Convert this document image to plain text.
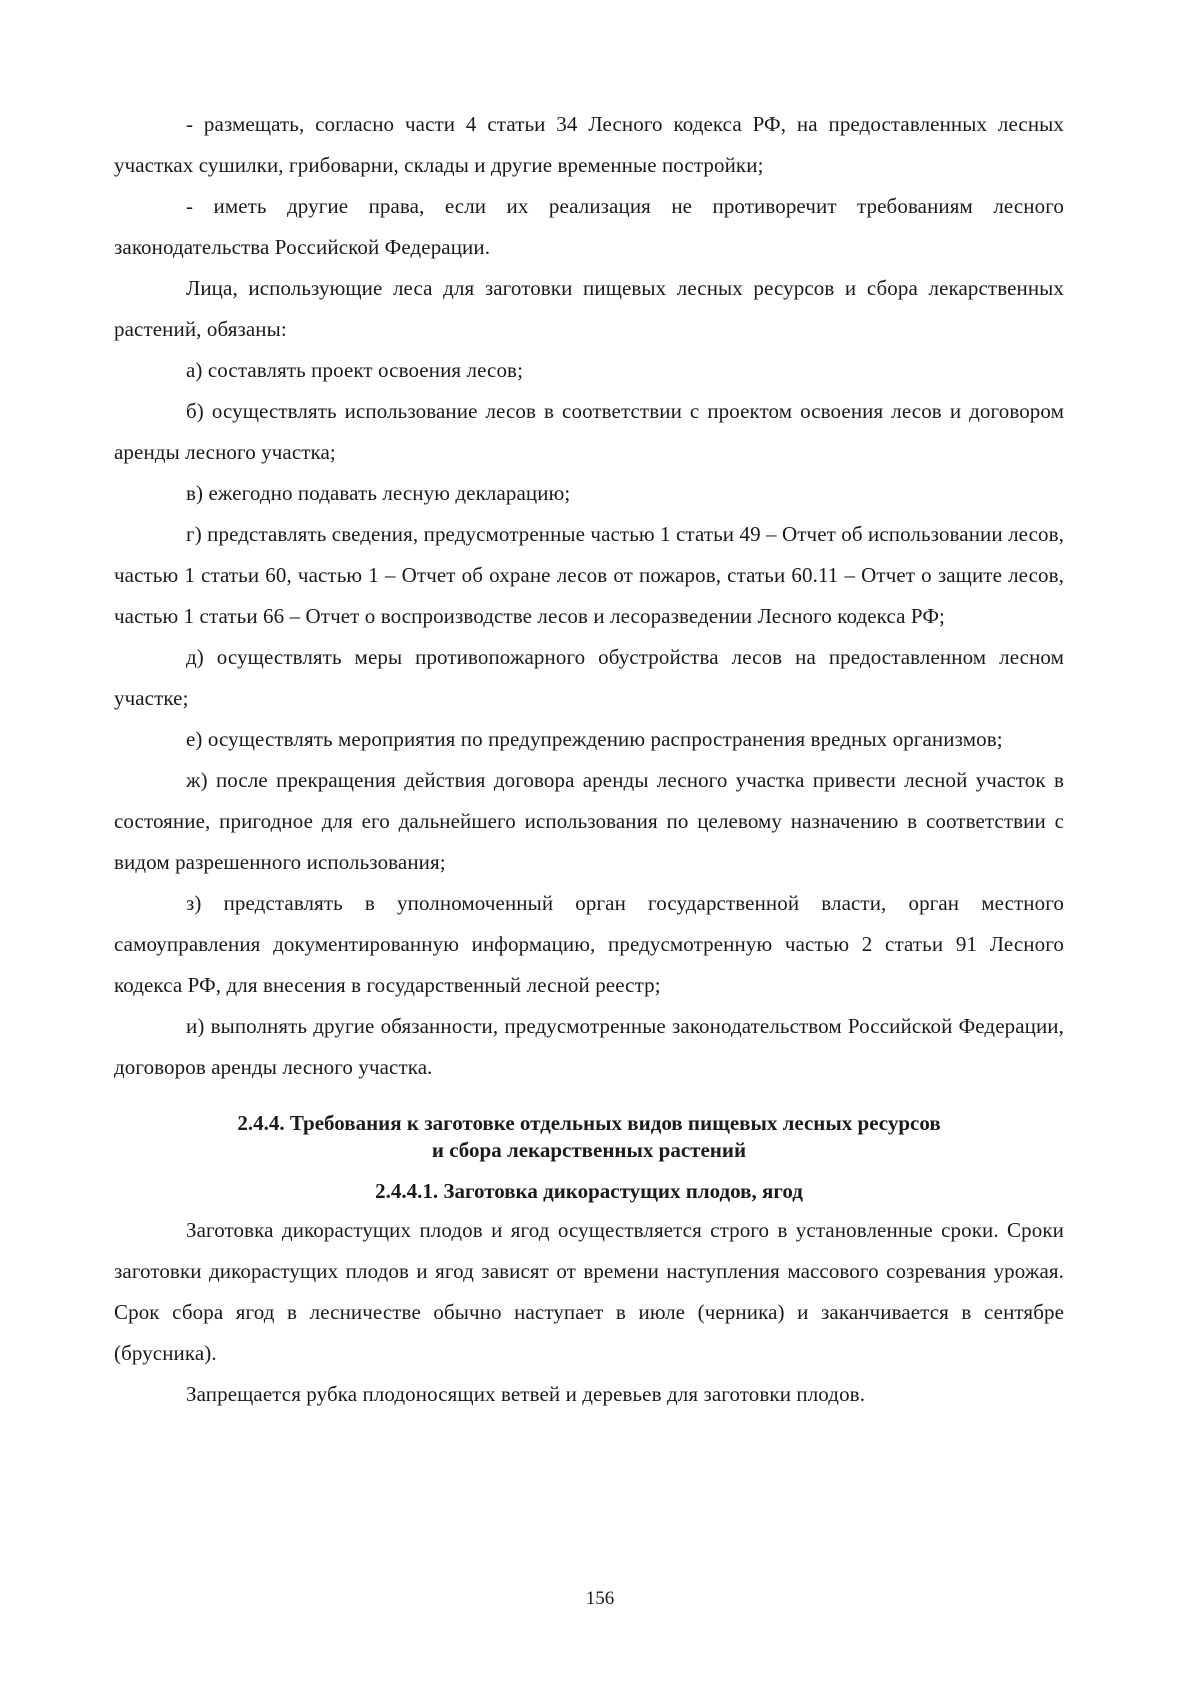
- размещать, согласно части 4 статьи 34 Лесного кодекса РФ, на предоставленных лесных участках сушилки, грибоварни, склады и другие временные постройки;

- иметь другие права, если их реализация не противоречит требованиям лесного законодательства Российской Федерации.

Лица, использующие леса для заготовки пищевых лесных ресурсов и сбора лекарственных растений, обязаны:

а) составлять проект освоения лесов;

б) осуществлять использование лесов в соответствии с проектом освоения лесов и договором аренды лесного участка;

в) ежегодно подавать лесную декларацию;

г) представлять сведения, предусмотренные частью 1 статьи 49 – Отчет об использовании лесов, частью 1 статьи 60, частью 1 – Отчет об охране лесов от пожаров, статьи 60.11 – Отчет о защите лесов, частью 1 статьи 66 – Отчет о воспроизводстве лесов и лесоразведении Лесного кодекса РФ;

д) осуществлять меры противопожарного обустройства лесов на предоставленном лесном участке;

е) осуществлять мероприятия по предупреждению распространения вредных организмов;

ж) после прекращения действия договора аренды лесного участка привести лесной участок в состояние, пригодное для его дальнейшего использования по целевому назначению в соответствии с видом разрешенного использования;

з) представлять в уполномоченный орган государственной власти, орган местного самоуправления документированную информацию, предусмотренную частью 2 статьи 91 Лесного кодекса РФ, для внесения в государственный лесной реестр;

и) выполнять другие обязанности, предусмотренные законодательством Российской Федерации, договоров аренды лесного участка.

2.4.4. Требования к заготовке отдельных видов пищевых лесных ресурсов
и сбора лекарственных растений
2.4.4.1. Заготовка дикорастущих плодов, ягод

Заготовка дикорастущих плодов и ягод осуществляется строго в установленные сроки. Сроки заготовки дикорастущих плодов и ягод зависят от времени наступления массового созревания урожая. Срок сбора ягод в лесничестве обычно наступает в июле (черника) и заканчивается в сентябре (брусника).

Запрещается рубка плодоносящих ветвей и деревьев для заготовки плодов.

156
